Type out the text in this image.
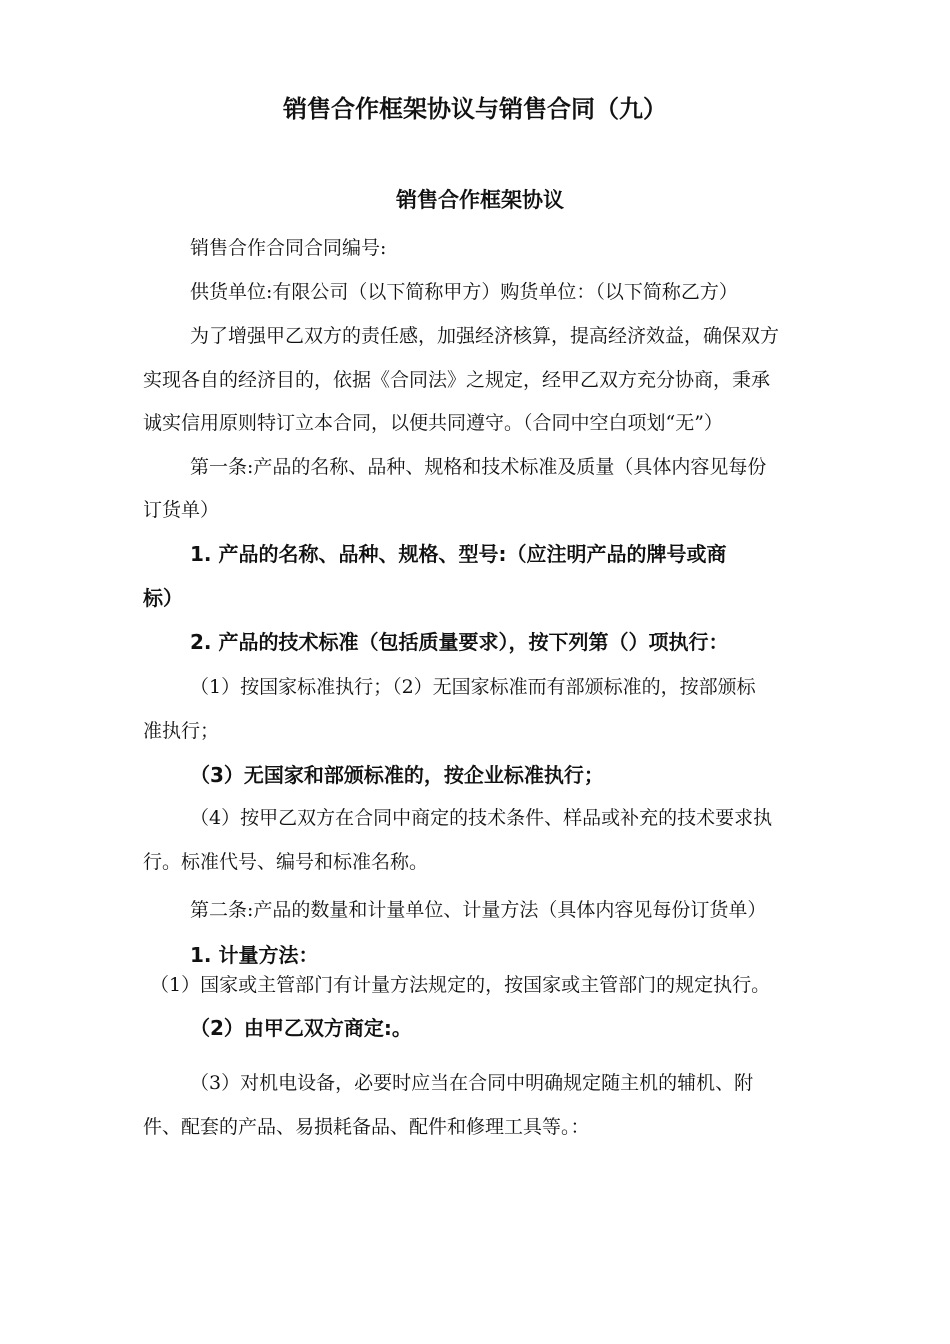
销售合作框架协议与销售合同（九）
销售合作框架协议
销售合作合同合同编号:
供货单位:有限公司（以下简称甲方）购货单位：（以下简称乙方）
为了增强甲乙双方的责任感，加强经济核算，提高经济效益，确保双方
实现各自的经济目的，依据《合同法》之规定，经甲乙双方充分协商，秉承
诚实信用原则特订立本合同，以便共同遵守。（合同中空白项划“无”）
第一条:产品的名称、品种、规格和技术标准及质量（具体内容见每份
订货单）
1. 产品的名称、品种、规格、型号:（应注明产品的牌号或商
标）
2. 产品的技术标准（包括质量要求），按下列第（）项执行：
（1）按国家标准执行；（2）无国家标准而有部颁标准的，按部颁标
准执行；
（3）无国家和部颁标准的，按企业标准执行；
（4）按甲乙双方在合同中商定的技术条件、样品或补充的技术要求执
行。标准代号、编号和标准名称。
第二条:产品的数量和计量单位、计量方法（具体内容见每份订货单）
1. 计量方法：
（1）国家或主管部门有计量方法规定的，按国家或主管部门的规定执行。
（2）由甲乙双方商定:。
（3）对机电设备，必要时应当在合同中明确规定随主机的辅机、附
件、配套的产品、易损耗备品、配件和修理工具等。：
